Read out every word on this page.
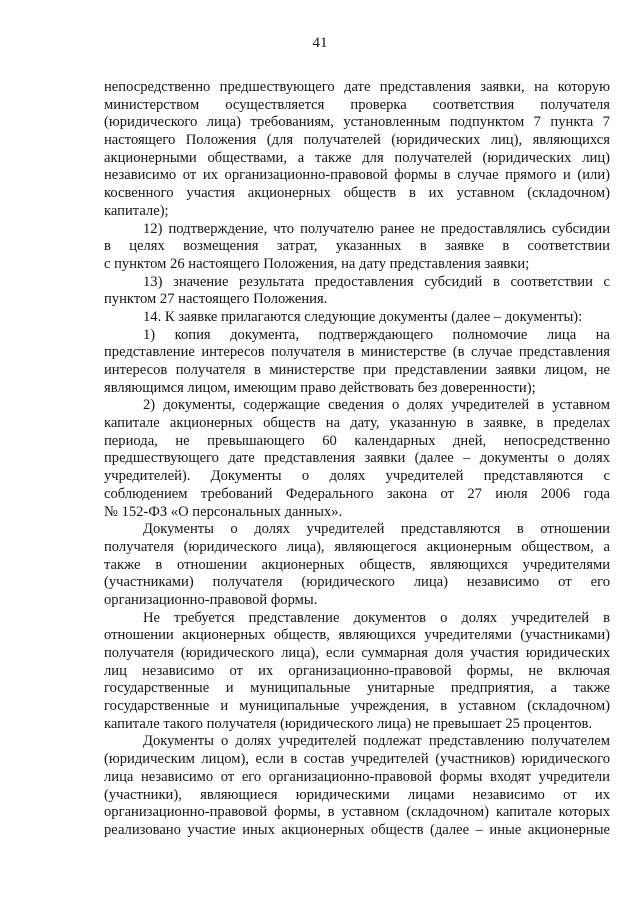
41
непосредственно предшествующего дате представления заявки, на которую
министерством осуществляется проверка соответствия получателя
(юридического лица) требованиям, установленным подпунктом 7 пункта 7
настоящего Положения (для получателей (юридических лиц), являющихся
акционерными обществами, а также для получателей (юридических лиц)
независимо от их организационно-правовой формы в случае прямого и (или)
косвенного участия акционерных обществ в их уставном (складочном)
капитале);
12) подтверждение, что получателю ранее не предоставлялись субсидии
в целях возмещения затрат, указанных в заявке в соответствии
с пунктом 26 настоящего Положения, на дату представления заявки;
13) значение результата предоставления субсидий в соответствии с
пунктом 27 настоящего Положения.
14. К заявке прилагаются следующие документы (далее – документы):
1) копия документа, подтверждающего полномочие лица на
представление интересов получателя в министерстве (в случае представления
интересов получателя в министерстве при представлении заявки лицом, не
являющимся лицом, имеющим право действовать без доверенности);
2) документы, содержащие сведения о долях учредителей в уставном
капитале акционерных обществ на дату, указанную в заявке, в пределах
периода, не превышающего 60 календарных дней, непосредственно
предшествующего дате представления заявки (далее – документы о долях
учредителей). Документы о долях учредителей представляются с
соблюдением требований Федерального закона от 27 июля 2006 года
№ 152-ФЗ «О персональных данных».
Документы о долях учредителей представляются в отношении
получателя (юридического лица), являющегося акционерным обществом, а
также в отношении акционерных обществ, являющихся учредителями
(участниками) получателя (юридического лица) независимо от его
организационно-правовой формы.
Не требуется представление документов о долях учредителей в
отношении акционерных обществ, являющихся учредителями (участниками)
получателя (юридического лица), если суммарная доля участия юридических
лиц независимо от их организационно-правовой формы, не включая
государственные и муниципальные унитарные предприятия, а также
государственные и муниципальные учреждения, в уставном (складочном)
капитале такого получателя (юридического лица) не превышает 25 процентов.
Документы о долях учредителей подлежат представлению получателем
(юридическим лицом), если в состав учредителей (участников) юридического
лица независимо от его организационно-правовой формы входят учредители
(участники), являющиеся юридическими лицами независимо от их
организационно-правовой формы, в уставном (складочном) капитале которых
реализовано участие иных акционерных обществ (далее – иные акционерные
